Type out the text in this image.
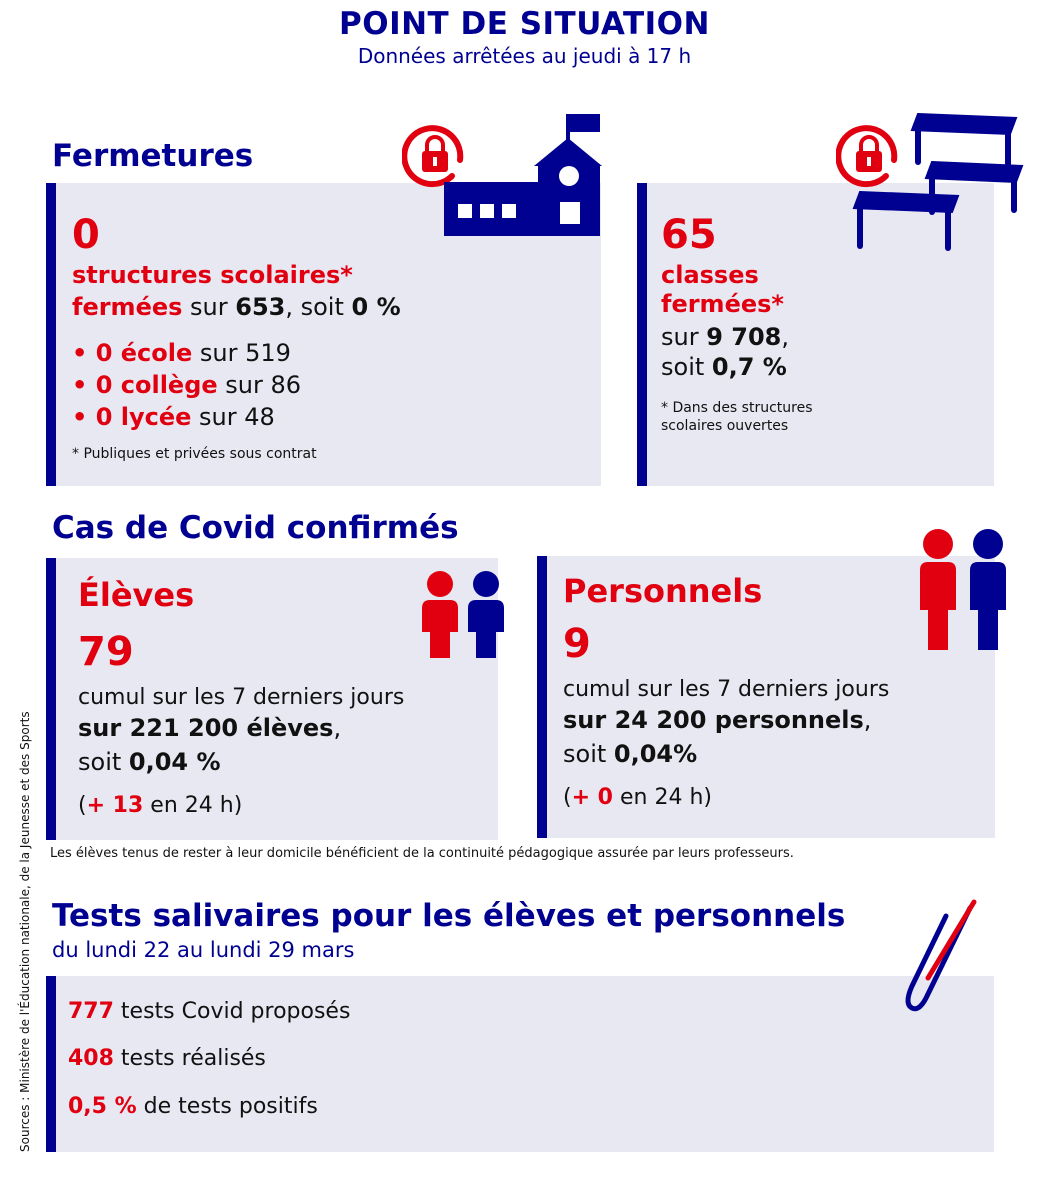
POINT DE SITUATION
Données arrêtées au jeudi à 17 h
Fermetures
0
structures scolaires*
fermées sur 653, soit 0 %
• 0 école sur 519
• 0 collège sur 86
• 0 lycée sur 48
* Publiques et privées sous contrat
65
classes
fermées*
sur 9 708,
soit 0,7 %
* Dans des structures
scolaires ouvertes
Cas de Covid confirmés
Élèves
79
cumul sur les 7 derniers jours
sur 221 200 élèves,
soit 0,04 %
(+ 13 en 24 h)
Personnels
9
cumul sur les 7 derniers jours
sur 24 200 personnels,
soit 0,04%
(+ 0 en 24 h)
Les élèves tenus de rester à leur domicile bénéficient de la continuité pédagogique assurée par leurs professeurs.
Tests salivaires pour les élèves et personnels
du lundi 22 au lundi 29 mars
777 tests Covid proposés
408 tests réalisés
0,5 % de tests positifs
Sources : Ministère de l'Éducation nationale, de la Jeunesse et des Sports
